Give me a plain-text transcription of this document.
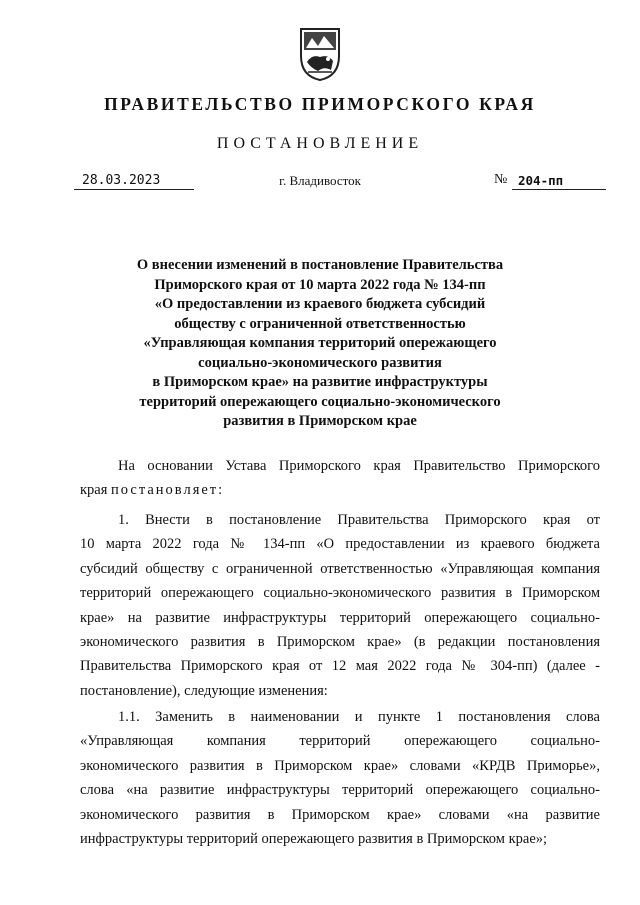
ПРАВИТЕЛЬСТВО ПРИМОРСКОГО КРАЯ
ПОСТАНОВЛЕНИЕ
28.03.2023	г. Владивосток	№ 204-пп
О внесении изменений в постановление Правительства
Приморского края от 10 марта 2022 года № 134-пп
«О предоставлении из краевого бюджета субсидий
обществу с ограниченной ответственностью
«Управляющая компания территорий опережающего
социально-экономического развития
в Приморском крае» на развитие инфраструктуры
территорий опережающего социально-экономического
развития в Приморском крае
На основании Устава Приморского края Правительство Приморского
края постановляет:
1. Внести в постановление Правительства Приморского края от
10 марта 2022 года № 134-пп «О предоставлении из краевого бюджета
субсидий обществу с ограниченной ответственностью «Управляющая компания
территорий опережающего социально-экономического развития в Приморском
крае» на развитие инфраструктуры территорий опережающего социально-
экономического развития в Приморском крае» (в редакции постановления
Правительства Приморского края от 12 мая 2022 года № 304-пп) (далее -
постановление), следующие изменения:
1.1. Заменить в наименовании и пункте 1 постановления слова
«Управляющая компания территорий опережающего социально-
экономического развития в Приморском крае» словами «КРДВ Приморье»,
слова «на развитие инфраструктуры территорий опережающего социально-
экономического развития в Приморском крае» словами «на развитие
инфраструктуры территорий опережающего развития в Приморском крае»;
